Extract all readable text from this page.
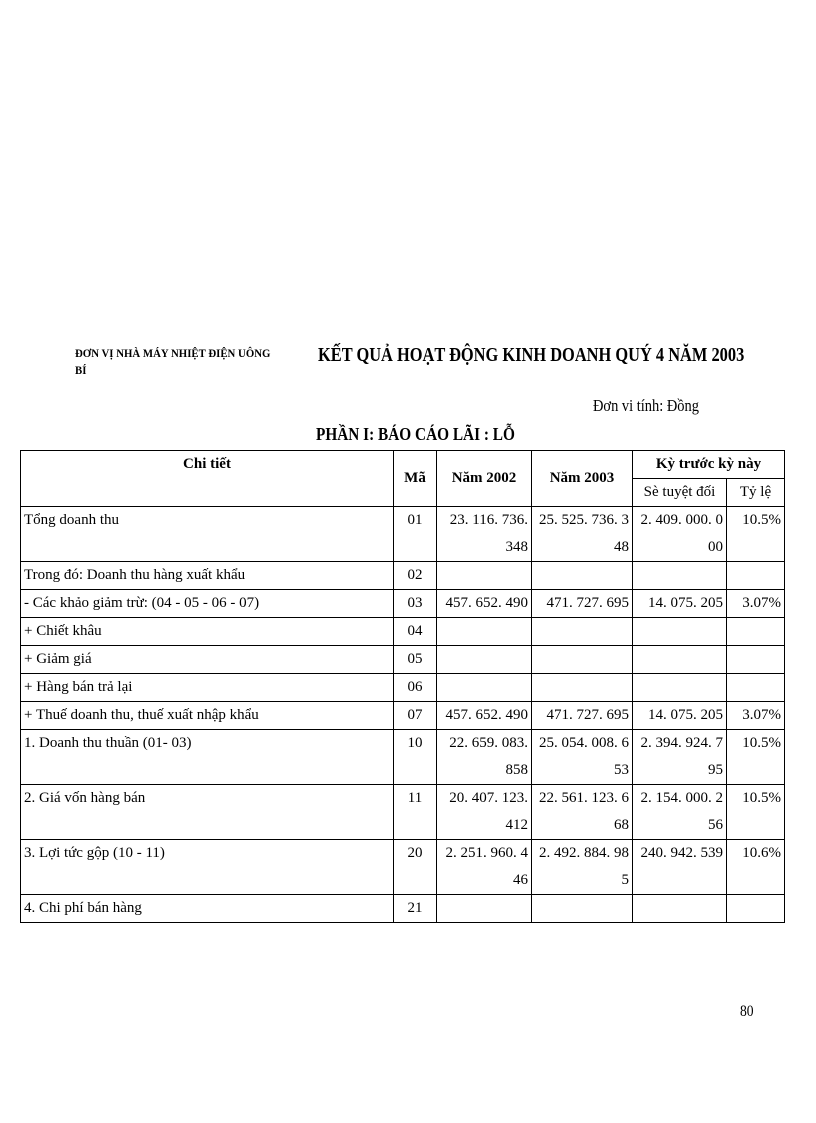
ĐƠN VỊ NHÀ MÁY NHIỆT ĐIỆN UÔNG BÍ
KẾT QUẢ HOẠT ĐỘNG KINH DOANH QUÝ 4 NĂM 2003
Đơn vi tính: Đồng
PHẦN I: BÁO CÁO LÃI : LỖ
Chi tiết	Mã	Năm 2002	Năm 2003	Kỳ trước kỳ này	
				Sè tuyệt đối	Tỷ lệ
Tổng doanh thu	01	23. 116. 736. 348	25. 525. 736. 348	2. 409. 000. 000	10.5%
Trong đó: Doanh thu hàng xuất khẩu	02				
- Các khảo giảm trừ: (04 - 05 - 06 - 07)	03	457. 652. 490	471. 727. 695	14. 075. 205	3.07%
+ Chiết khâu	04				
+ Giảm giá	05				
+ Hàng bán trả lại	06				
+ Thuế doanh thu, thuế xuất nhập khẩu	07	457. 652. 490	471. 727. 695	14. 075. 205	3.07%
1. Doanh thu thuần (01- 03)	10	22. 659. 083. 858	25. 054. 008. 653	2. 394. 924. 795	10.5%
2. Giá vốn hàng bán	11	20. 407. 123. 412	22. 561. 123. 668	2. 154. 000. 256	10.5%
3. Lợi tức gộp (10 - 11)	20	2. 251. 960. 446	2. 492. 884. 985	240. 942. 539	10.6%
4. Chi phí bán hàng	21				
80
